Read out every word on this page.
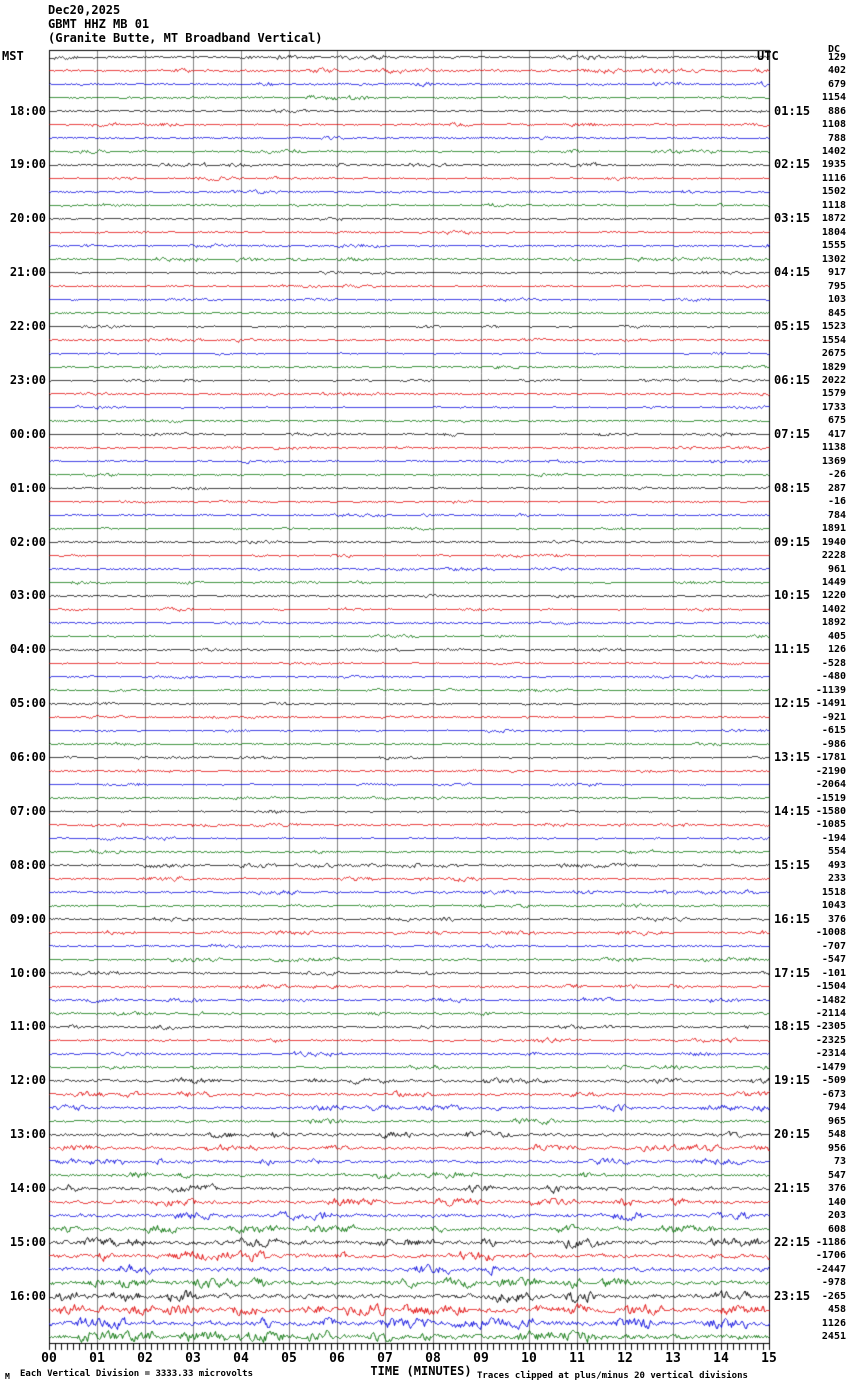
18:00	01:15
19:00	02:15
20:00	03:15
21:00	04:15
22:00	05:15
23:00	06:15
00:00	07:15
01:00	08:15
02:00	09:15
03:00	10:15
04:00	11:15
05:00	12:15
06:00	13:15
07:00	14:15
08:00	15:15
09:00	16:15
10:00	17:15
11:00	18:15
12:00	19:15
13:00	20:15
14:00	21:15
15:00	22:15
16:00	23:15
129
402
679
1154
886
1108
788
1402
1935
1116
1502
1118
1872
1804
1555
1302
917
795
103
845
1523
1554
2675
1829
2022
1579
1733
675
417
1138
1369
-26
287
-16
784
1891
1940
2228
961
1449
1220
1402
1892
405
126
-528
-480
-1139
-1491
-921
-615
-986
-1781
-2190
-2064
-1519
-1580
-1085
-194
554
493
233
1518
1043
376
-1008
-707
-547
-101
-1504
-1482
-2114
-2305
-2325
-2314
-1479
-509
-673
794
965
548
956
73
547
376
140
203
608
-1186
-1706
-2447
-978
-265
458
1126
2451
00	01	02	03	04	05	06	07	08	09	10	11	12	13	14	15
TIME (MINUTES)
Each Vertical Division = 3333.33 microvolts	Traces clipped at plus/minus 20 vertical divisions
M
